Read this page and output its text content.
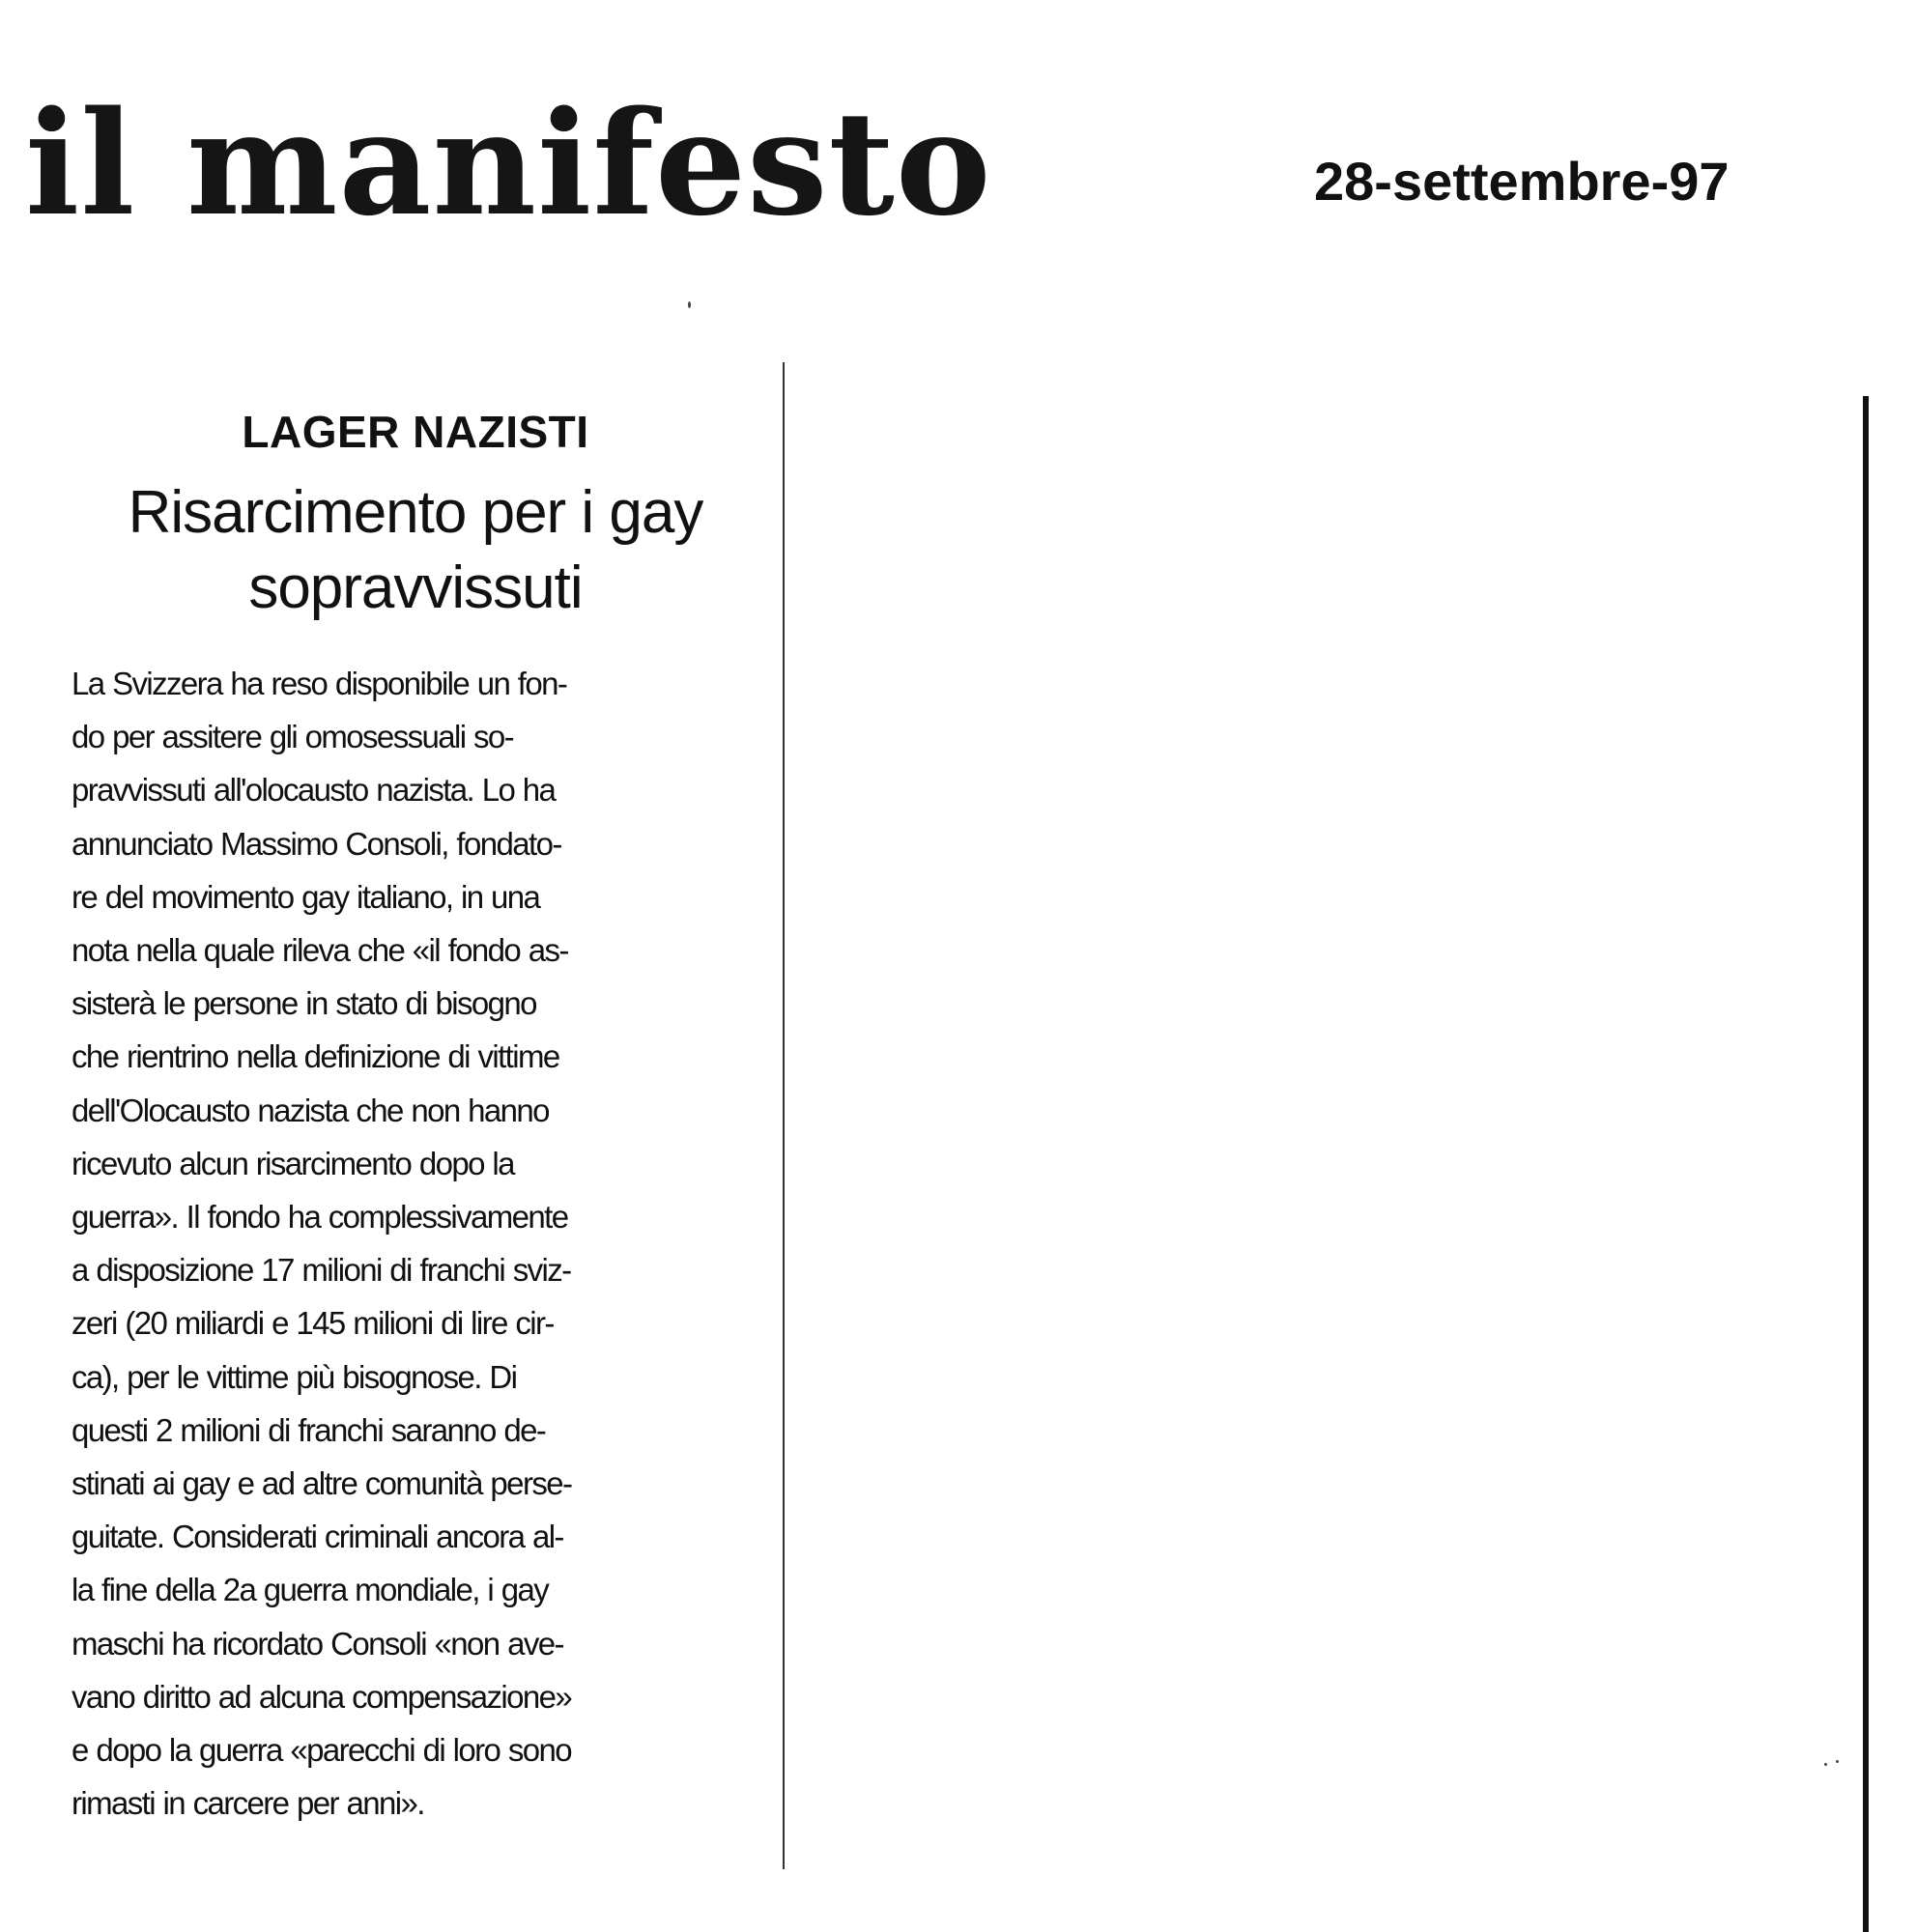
il manifesto	28-settembre-97
LAGER NAZISTI
Risarcimento per i gay
sopravvissuti
La Svizzera ha reso disponibile un fon-
do per assitere gli omosessuali so-
pravvissuti all'olocausto nazista. Lo ha
annunciato Massimo Consoli, fondato-
re del movimento gay italiano, in una
nota nella quale rileva che «il fondo as-
sisterà le persone in stato di bisogno
che rientrino nella definizione di vittime
dell'Olocausto nazista che non hanno
ricevuto alcun risarcimento dopo la
guerra». Il fondo ha complessivamente
a disposizione 17 milioni di franchi sviz-
zeri (20 miliardi e 145 milioni di lire cir-
ca), per le vittime più bisognose. Di
questi 2 milioni di franchi saranno de-
stinati ai gay e ad altre comunità perse-
guitate. Considerati criminali ancora al-
la fine della 2a guerra mondiale, i gay
maschi ha ricordato Consoli «non ave-
vano diritto ad alcuna compensazione»
e dopo la guerra «parecchi di loro sono
rimasti in carcere per anni».
